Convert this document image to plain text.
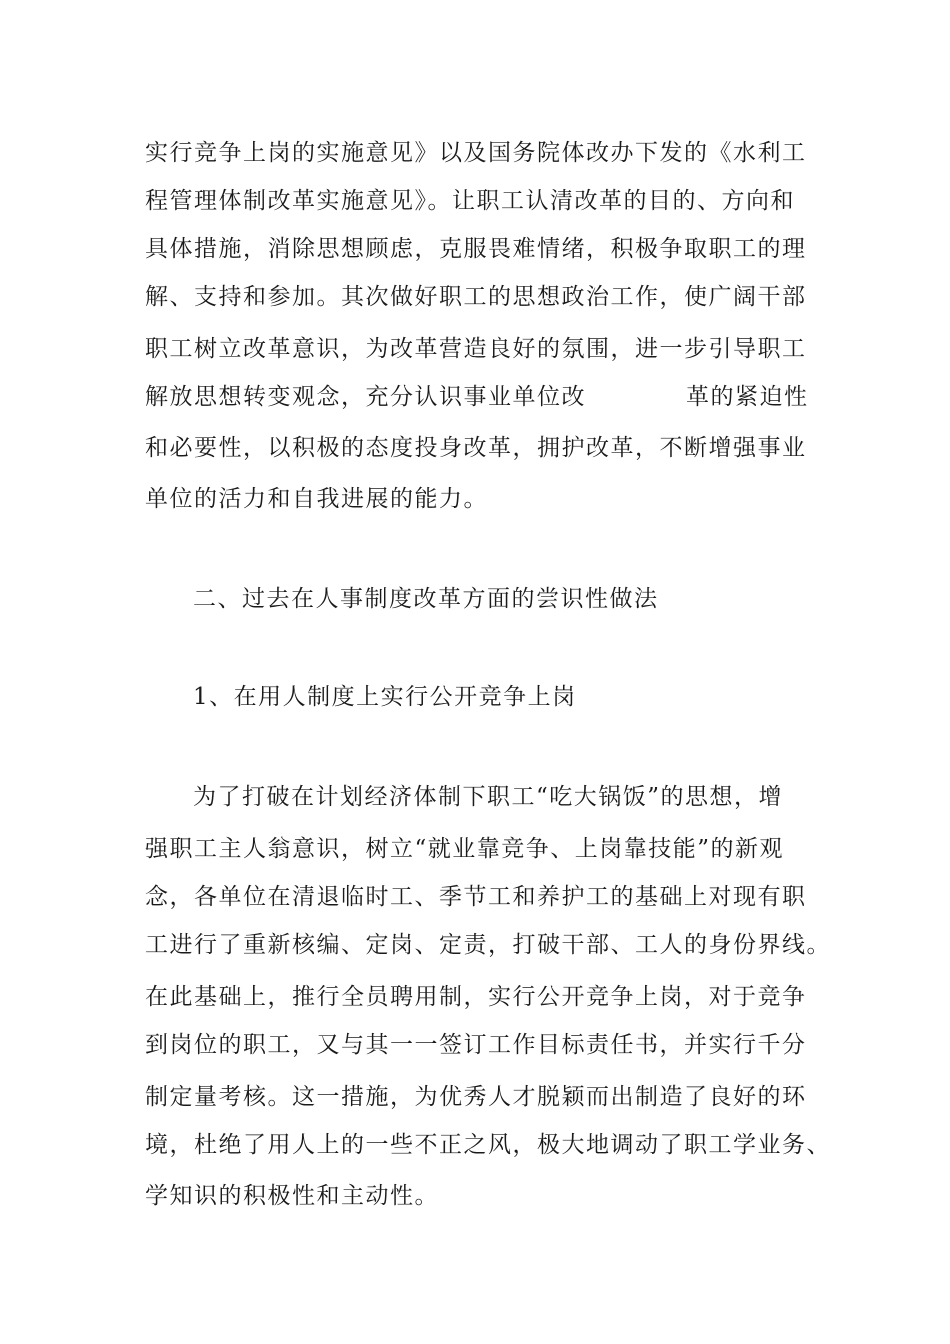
实行竞争上岗的实施意见》以及国务院体改办下发的《水利工
程管理体制改革实施意见》。让职工认清改革的目的、方向和
具体措施，消除思想顾虑，克服畏难情绪，积极争取职工的理
解、支持和参加。其次做好职工的思想政治工作，使广阔干部
职工树立改革意识，为改革营造良好的氛围，进一步引导职工
解放思想转变观念，充分认识事业单位改	革的紧迫性
和必要性，以积极的态度投身改革，拥护改革，不断增强事业
单位的活力和自我进展的能力。
二、过去在人事制度改革方面的尝识性做法
1、在用人制度上实行公开竞争上岗
为了打破在计划经济体制下职工“吃大锅饭”的思想，增
强职工主人翁意识，树立“就业靠竞争、上岗靠技能”的新观
念，各单位在清退临时工、季节工和养护工的基础上对现有职
工进行了重新核编、定岗、定责，打破干部、工人的身份界线。
在此基础上，推行全员聘用制，实行公开竞争上岗，对于竞争
到岗位的职工，又与其一一签订工作目标责任书，并实行千分
制定量考核。这一措施，为优秀人才脱颖而出制造了良好的环
境，杜绝了用人上的一些不正之风，极大地调动了职工学业务、
学知识的积极性和主动性。
